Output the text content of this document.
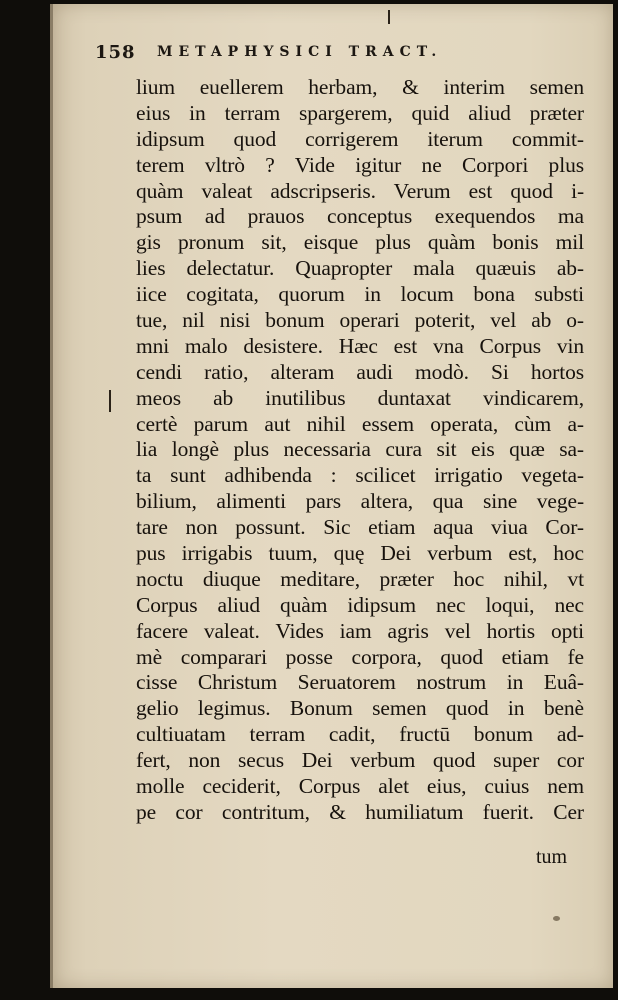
158 METAPHYSICI TRACT.
lium euellerem herbam, & interim semen
eius in terram spargerem, quid aliud præter
idipsum quod corrigerem iterum commit-
terem vltrò ? Vide igitur ne Corpori plus
quàm valeat adscripseris. Verum est quod i-
psum ad prauos conceptus exequendos ma
gis pronum sit, eisque plus quàm bonis mil
lies delectatur. Quapropter mala quæuis ab-
iice cogitata, quorum in locum bona substi
tue, nil nisi bonum operari poterit, vel ab o-
mni malo desistere. Hæc est vna Corpus vin
cendi ratio, alteram audi modò. Si hortos
meos ab inutilibus duntaxat vindicarem,
certè parum aut nihil essem operata, cùm a-
lia longè plus necessaria cura sit eis quæ sa-
ta sunt adhibenda : scilicet irrigatio vegeta-
bilium, alimenti pars altera, qua sine vege-
tare non possunt. Sic etiam aqua viua Cor-
pus irrigabis tuum, quę Dei verbum est, hoc
noctu diuque meditare, præter hoc nihil, vt
Corpus aliud quàm idipsum nec loqui, nec
facere valeat. Vides iam agris vel hortis opti
mè comparari posse corpora, quod etiam fe
cisse Christum Seruatorem nostrum in Euâ-
gelio legimus. Bonum semen quod in benè
cultiuatam terram cadit, fructū bonum ad-
fert, non secus Dei verbum quod super cor
molle ceciderit, Corpus alet eius, cuius nem
pe cor contritum, & humiliatum fuerit. Cer
tum
